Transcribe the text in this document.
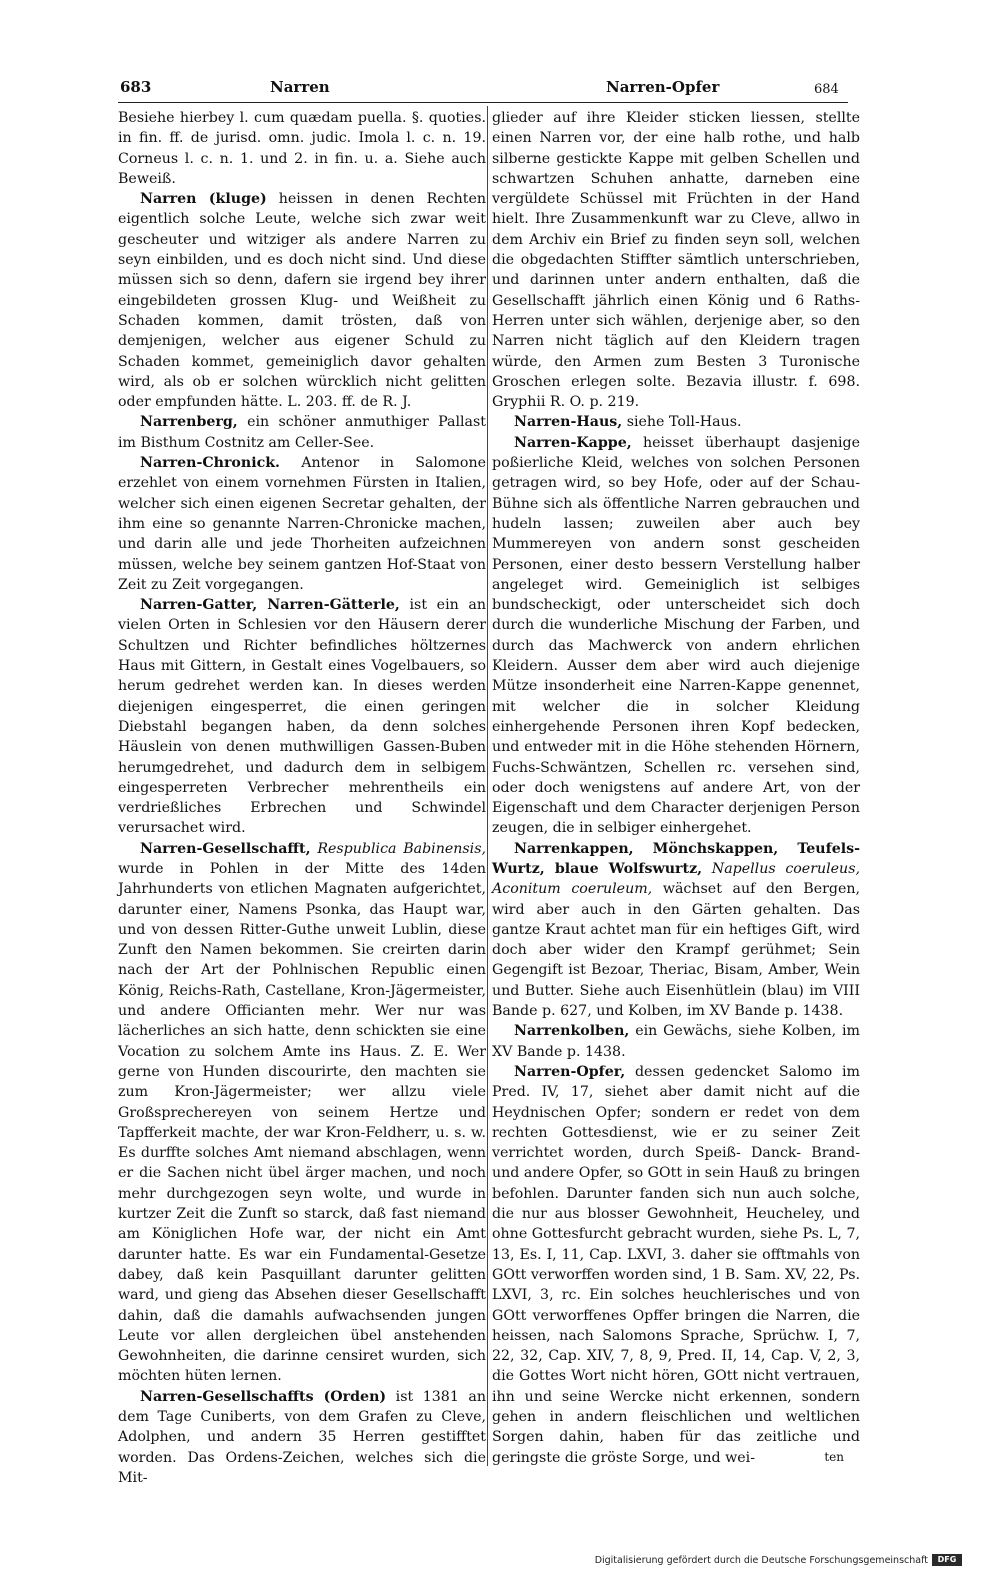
683	Narren	Narren-Opfer	684

Besiehe hierbey l. cum quædam puella. §. quoties. in fin. ff. de jurisd. omn. judic. Imola l. c. n. 19. Corneus l. c. n. 1. und 2. in fin. u. a. Siehe auch Beweiß.

Narren (kluge) heissen in denen Rechten eigentlich solche Leute, welche sich zwar weit gescheuter und witziger als andere Narren zu seyn einbilden, und es doch nicht sind. Und diese müssen sich so denn, dafern sie irgend bey ihrer eingebildeten grossen Klug- und Weißheit zu Schaden kommen, damit trösten, daß von demjenigen, welcher aus eigener Schuld zu Schaden kommet, gemeiniglich davor gehalten wird, als ob er solchen würcklich nicht gelitten oder empfunden hätte. L. 203. ff. de R. J.

Narrenberg, ein schöner anmuthiger Pallast im Bisthum Costnitz am Celler-See.

Narren-Chronick. Antenor in Salomone erzehlet von einem vornehmen Fürsten in Italien, welcher sich einen eigenen Secretar gehalten, der ihm eine so genannte Narren-Chronicke machen, und darin alle und jede Thorheiten aufzeichnen müssen, welche bey seinem gantzen Hof-Staat von Zeit zu Zeit vorgegangen.

Narren-Gatter, Narren-Gätterle, ist ein an vielen Orten in Schlesien vor den Häusern derer Schultzen und Richter befindliches höltzernes Haus mit Gittern, in Gestalt eines Vogelbauers, so herum gedrehet werden kan. In dieses werden diejenigen eingesperret, die einen geringen Diebstahl begangen haben, da denn solches Häuslein von denen muthwilligen Gassen-Buben herumgedrehet, und dadurch dem in selbigem eingesperreten Verbrecher mehrentheils ein verdrießliches Erbrechen und Schwindel verursachet wird.

Narren-Gesellschafft, Respublica Babinensis, wurde in Pohlen in der Mitte des 14den Jahrhunderts von etlichen Magnaten aufgerichtet, darunter einer, Namens Psonka, das Haupt war, und von dessen Ritter-Guthe unweit Lublin, diese Zunft den Namen bekommen. Sie creirten darin nach der Art der Pohlnischen Republic einen König, Reichs-Rath, Castellane, Kron-Jägermeister, und andere Officianten mehr. Wer nur was lächerliches an sich hatte, denn schickten sie eine Vocation zu solchem Amte ins Haus. Z. E. Wer gerne von Hunden discourirte, den machten sie zum Kron-Jägermeister; wer allzu viele Großsprechereyen von seinem Hertze und Tapfferkeit machte, der war Kron-Feldherr, u. s. w. Es durffte solches Amt niemand abschlagen, wenn er die Sachen nicht übel ärger machen, und noch mehr durchgezogen seyn wolte, und wurde in kurtzer Zeit die Zunft so starck, daß fast niemand am Königlichen Hofe war, der nicht ein Amt darunter hatte. Es war ein Fundamental-Gesetze dabey, daß kein Pasquillant darunter gelitten ward, und gieng das Absehen dieser Gesellschafft dahin, daß die damahls aufwachsenden jungen Leute vor allen dergleichen übel anstehenden Gewohnheiten, die darinne censiret wurden, sich möchten hüten lernen.

Narren-Gesellschaffts (Orden) ist 1381 an dem Tage Cuniberts, von dem Grafen zu Cleve, Adolphen, und andern 35 Herren gestifftet worden. Das Ordens-Zeichen, welches sich die Mit-

glieder auf ihre Kleider sticken liessen, stellte einen Narren vor, der eine halb rothe, und halb silberne gestickte Kappe mit gelben Schellen und schwartzen Schuhen anhatte, darneben eine vergüldete Schüssel mit Früchten in der Hand hielt. Ihre Zusammenkunft war zu Cleve, allwo in dem Archiv ein Brief zu finden seyn soll, welchen die obgedachten Stiffter sämtlich unterschrieben, und darinnen unter andern enthalten, daß die Gesellschafft jährlich einen König und 6 Raths-Herren unter sich wählen, derjenige aber, so den Narren nicht täglich auf den Kleidern tragen würde, den Armen zum Besten 3 Turonische Groschen erlegen solte. Bezavia illustr. f. 698. Gryphii R. O. p. 219.

Narren-Haus, siehe Toll-Haus.

Narren-Kappe, heisset überhaupt dasjenige poßierliche Kleid, welches von solchen Personen getragen wird, so bey Hofe, oder auf der Schau-Bühne sich als öffentliche Narren gebrauchen und hudeln lassen; zuweilen aber auch bey Mummereyen von andern sonst gescheiden Personen, einer desto bessern Verstellung halber angeleget wird. Gemeiniglich ist selbiges bundscheckigt, oder unterscheidet sich doch durch die wunderliche Mischung der Farben, und durch das Machwerck von andern ehrlichen Kleidern. Ausser dem aber wird auch diejenige Mütze insonderheit eine Narren-Kappe genennet, mit welcher die in solcher Kleidung einhergehende Personen ihren Kopf bedecken, und entweder mit in die Höhe stehenden Hörnern, Fuchs-Schwäntzen, Schellen rc. versehen sind, oder doch wenigstens auf andere Art, von der Eigenschaft und dem Character derjenigen Person zeugen, die in selbiger einhergehet.

Narrenkappen, Mönchskappen, Teufels-Wurtz, blaue Wolfswurtz, Napellus coeruleus, Aconitum coeruleum, wächset auf den Bergen, wird aber auch in den Gärten gehalten. Das gantze Kraut achtet man für ein heftiges Gift, wird doch aber wider den Krampf gerühmet; Sein Gegengift ist Bezoar, Theriac, Bisam, Amber, Wein und Butter. Siehe auch Eisenhütlein (blau) im VIII Bande p. 627, und Kolben, im XV Bande p. 1438.

Narrenkolben, ein Gewächs, siehe Kolben, im XV Bande p. 1438.

Narren-Opfer, dessen gedencket Salomo im Pred. IV, 17, siehet aber damit nicht auf die Heydnischen Opfer; sondern er redet von dem rechten Gottesdienst, wie er zu seiner Zeit verrichtet worden, durch Speiß- Danck- Brand- und andere Opfer, so GOtt in sein Hauß zu bringen befohlen. Darunter fanden sich nun auch solche, die nur aus blosser Gewohnheit, Heucheley, und ohne Gottesfurcht gebracht wurden, siehe Ps. L, 7, 13, Es. I, 11, Cap. LXVI, 3. daher sie offtmahls von GOtt verworffen worden sind, 1 B. Sam. XV, 22, Ps. LXVI, 3, rc. Ein solches heuchlerisches und von GOtt verworffenes Opffer bringen die Narren, die heissen, nach Salomons Sprache, Sprüchw. I, 7, 22, 32, Cap. XIV, 7, 8, 9, Pred. II, 14, Cap. V, 2, 3, die Gottes Wort nicht hören, GOtt nicht vertrauen, ihn und seine Wercke nicht erkennen, sondern gehen in andern fleischlichen und weltlichen Sorgen dahin, haben für das zeitliche und geringste die gröste Sorge, und wei-	ten
Digitalisierung gefördert durch die Deutsche Forschungsgemeinschaft	DFG
